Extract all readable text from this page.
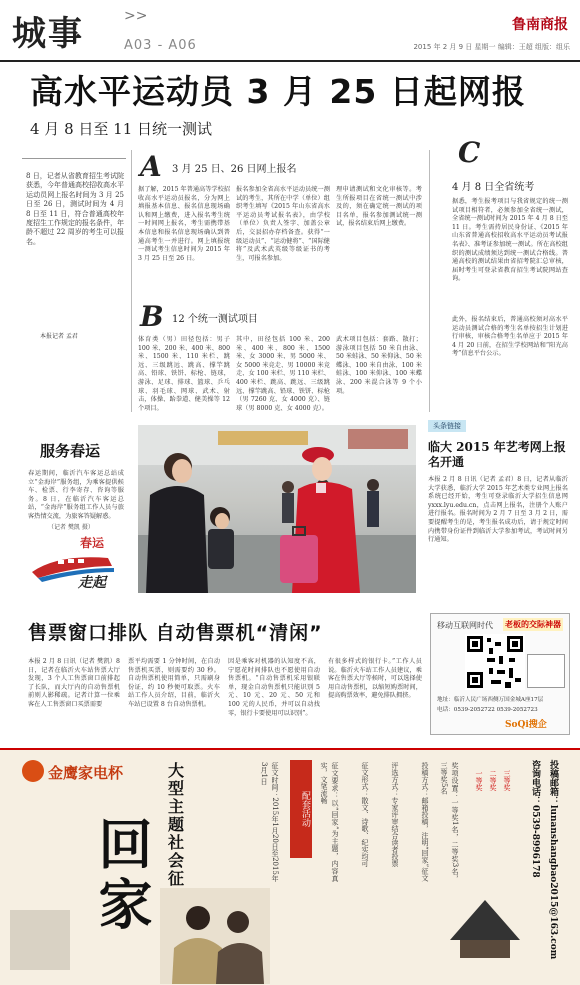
城事	>>
A03 - A06
鲁南商报
2015 年 2 月 9 日 星期一 编辑：王超 组版：组乐
高水平运动员 3 月 25 日起网报
4 月 8 日至 11 日统一测试
8 日，记者从省教育招生考试院获悉，今年普通高校招收高水平运动员网上报名时间为 3 月 25 日至 26 日，测试时间为 4 月 8 日至 11 日，符合普通高校年度招生工作规定的报名条件，年龄不超过 22 周岁的考生可以报名。
本报记者 孟君
A 3 月 25 日、26 日网上报名
据了解，2015 年普通高等学校招收高水平运动员报名，分为网上填报基本信息、报名信息现场确认和网上缴费，进入报名考生统一时间网上报名，考生需携带基本信息和报名信息现场确认到普通高考生一并进行。网上填报统一测试考生信息时间为 2015 年 3 月 25 日至 26 日。
报名参加全省高水平运动员统一测试的考生，其所在中学（单位）组织考生填写《2015 年山东省高水平运动员考试报名表》，由学校（单位）负责人签字、加盖公章后，交县招办存档备查。获得“一级运动员”、“运动健将”、“国际健将”及武术武英级等级证书的考生，可报名参加。
理申请测试和文化审核等。考生所报项目在省统一测试中涉及的，须在确定统一测试的项目名单，报名参加测试统一测试，报名结束后网上缴费。
B 12 个统一测试项目
体育类（男）田径包括：男子 100 米、200 米、400 米、800 米、1500 米、110 米栏、跳远、三级跳远、跳高、撑竿跳高、铅球、铁饼、标枪、链球，游泳、足球、排球、篮球、乒乓球、羽毛球、网球、武术、射击，体操、跆拳道、健美操等 12 个项目。
其中，田径包括 100 米、200 米、400 米、800 米、1500 米、女 3000 米、男 5000 米、女 5000 米竞走、男 10000 米竞走、女 100 米栏、男 110 米栏、400 米栏、跳高、跳远、三级跳远、撑竿跳高、铅球、铁饼、标枪（男 7260 克、女 4000 克）、链球（男 8000 克、女 4000 克）。
武术项目包括：套路、散打；游泳项目包括 50 米自由泳、50 米蛙泳、50 米仰泳、50 米蝶泳、100 米自由泳、100 米蛙泳、100 米仰泳、100 米蝶泳、200 米混合泳等 9 个小项。
C
4 月 8 日全省统考
据悉，考生报考项目与我省规定的统一测试项目相符者，必须参加全省统一测试，全省统一测试时间为 2015 年 4 月 8 日至 11 日。考生需持居民身份证、《2015 年山东省普通高校招收高水平运动员考试报名表》、准考证参加统一测试。所在高校组织的测试成绩须达到统一测试合格线。普通高校的测试结果由省招考院汇总审核，届时考生可登录省教育招生考试院网站查询。
此外，报名结束后，普通高校须对高水平运动员测试合格的考生名单按招生计划进行审核，审核合格考生名单应于 2015 年 4 月 20 日前，在招生学校网站和“阳光高考”信息平台公示。
头条链接
临大 2015 年艺考网上报名开通
本报 2 月 8 日讯（记者 孟君）8 日，记者从临沂大学获悉，临沂大学 2015 年艺术类专业网上报名系统已经开始，考生可登录临沂大学招生信息网 yxxx.lyu.edu.cn，点击网上报名，注册个人账户进行报名。报名时间为 2 月 7 日至 3 月 2 日，需要提醒考生的是，考生报名成功后，请于规定时间内携带身份证件到临沂大学参加考试，考试时间另行通知。
服务春运
春运期间，临沂汽车客运总站成立“金海岸”服务组，为乘客提供候车、检票、行李寄存、咨询等服务。8 日，在临沂汽车客运总站，“金海岸”服务组工作人员与旅客热情交流，为旅客答疑解惑。
（记者 樊凯 摄）
春运
走起
售票窗口排队 自动售票机“清闲”
本报 2 月 8 日讯（记者 樊凯）8 日，记者在临沂火车站售票大厅发现，3 个人工售票窗口前排起了长队，而大厅内的自动售票机前则人影稀疏。记者计算一位乘客在人工售票窗口买票需要
票平均需要 1 分钟时间，在自动售票机买票，则需要约 30 秒。自动售票机使用简单，只需刷身份证，约 10 秒便可取票。火车站工作人员介绍，目前，临沂火车站已设置 8 台自动售票机。
因是乘客对机器的认知度不高，宁愿花时间排队也不愿使用自动售票机。“自动售票机采用银联单，现金自动售票机只能识别 5 元、10 元、20 元、50 元和 100 元的人民币，并可以自动找零，银行卡要使用可以识别”。
有很多样式的银行卡。”工作人员说。临沂火车站工作人员建议，乘客在售票大厅等候时，可以选择使用自动售票机，以缩短购票时间，提高购票效率，避免排队拥挤。
移动互联网时代 老板的交际神器
地址：临沂人民广场西侧万国金城A座17层
电话：0539-2052722 0539-2052723
SoQi搜企
金鹰家电杯	大型主题社会征
回家
配套活动
征文时间：2015年1月20日至2015年3月1日	征文要求：以“回家”为主题，内容真实，文笔流畅	征文形式：散文、诗歌、纪实均可	评选方式：专家评审结合读者投票	投稿方式：邮箱投稿，注明“回家”征文	奖项设置：一等奖1名，二等奖3名，三等奖5名	一等奖 二等奖 三等奖	投稿邮箱：lunanshangbao2015@163.com
咨询电话：0539-8996178
